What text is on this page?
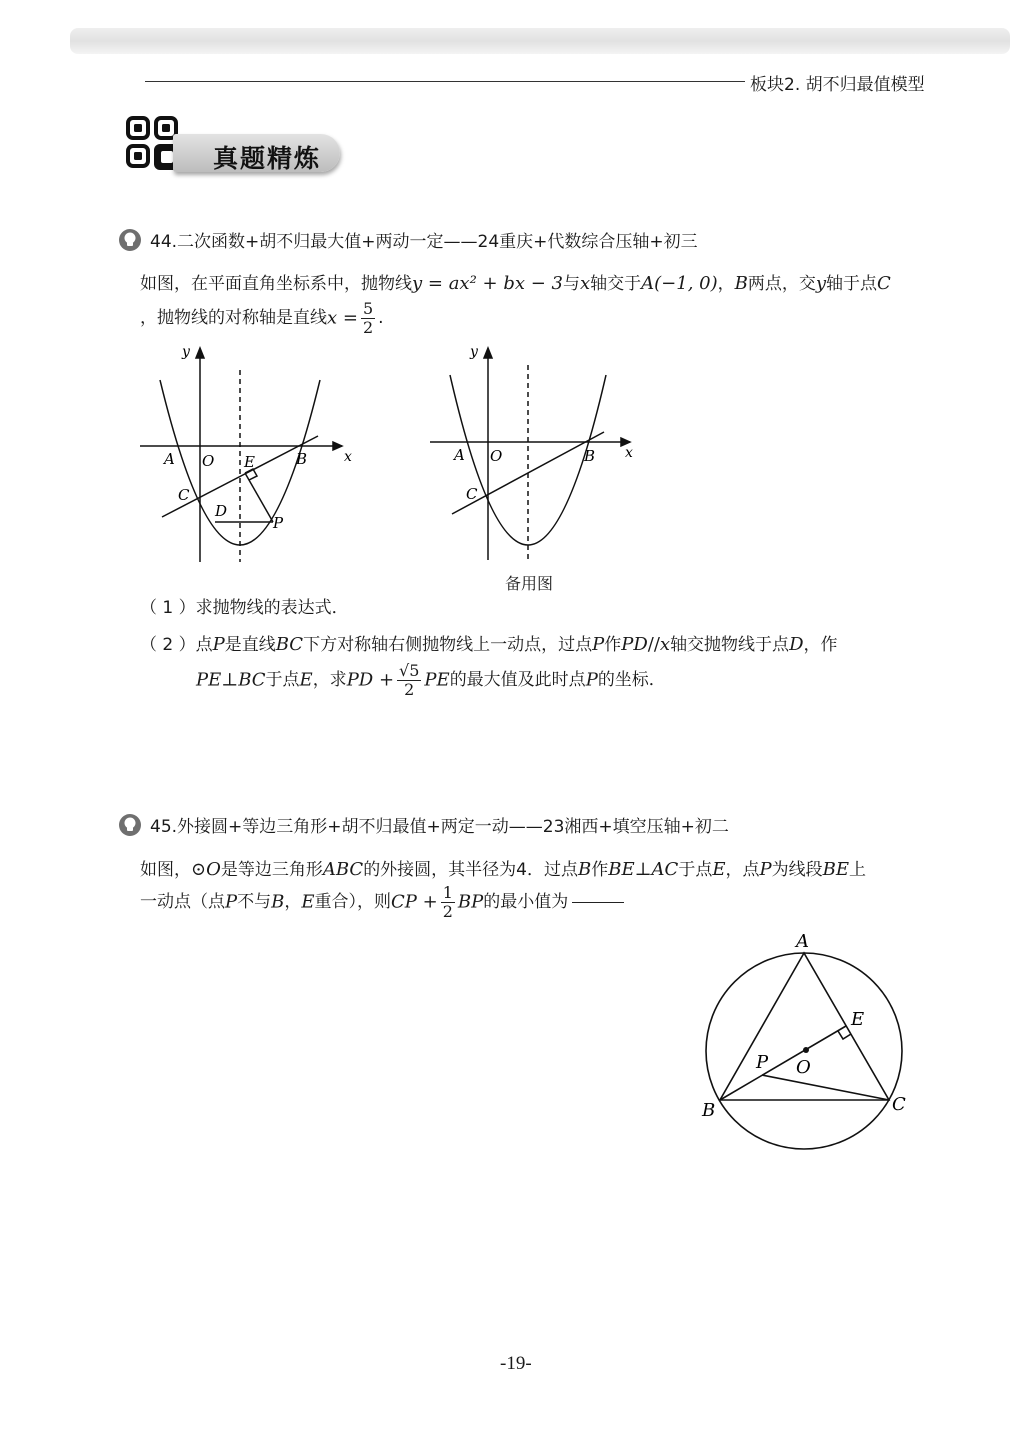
板块2. 胡不归最值模型
真题精炼
44.二次函数+胡不归最大值+两动一定——24重庆+代数综合压轴+初三
如图，在平面直角坐标系中，抛物线y = ax² + bx − 3与x轴交于A(−1, 0)，B两点，交y轴于点C
，抛物线的对称轴是直线$x = \frac{5}{2}$ .
y
x
A O E	B
C
D
P
y
x
A O	B
C
备用图
（ 1 ）求抛物线的表达式．
（ 2 ）点P是直线BC下方对称轴右侧抛物线上一动点，过点P作PD//x轴交抛物线于点D，作
PE⊥BC于点E，求PD + $\frac{√5}{2}$ PE的最大值及此时点P的坐标．
45.外接圆+等边三角形+胡不归最值+两定一动——23湘西+填空压轴+初二
如图，⊙O是等边三角形ABC的外接圆，其半径为4．过点B作BE⊥AC于点E，点P为线段BE上
一动点（点P不与B，E重合），则CP + $\frac{1}{2}$ BP的最小值为
A
E
P O
B	C
-19-
